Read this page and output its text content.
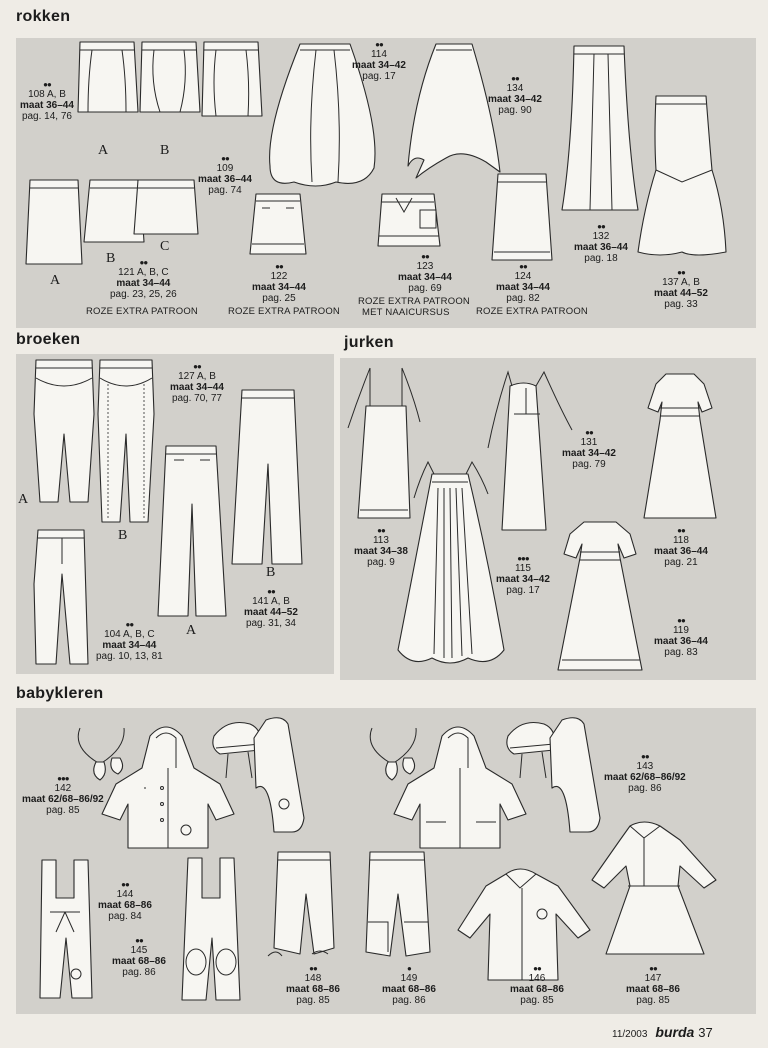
rokken
broeken	jurken
babykleren
●●
108 A, B
maat 36–44
pag. 14, 76
A	B
●●
109
maat 36–44
pag. 74
●●
114
maat 34–42
pag. 17	●●
134
maat 34–42
pag. 90
A
B
C
●●
121 A, B, C
maat 34–44
pag. 23, 25, 26
ROZE EXTRA PATROON
●●
122
maat 34–44
pag. 25
ROZE EXTRA PATROON
●●
123
maat 34–44
pag. 69
ROZE EXTRA PATROON
MET NAAICURSUS
●●
124
maat 34–44
pag. 82
ROZE EXTRA PATROON
●●
132
maat 36–44
pag. 18
●●
137 A, B
maat 44–52
pag. 33
●●
127 A, B
maat 34–44
pag. 70, 77
A
B
B
A
●●
141 A, B
maat 44–52
pag. 31, 34
●●
104 A, B, C
maat 34–44
pag. 10, 13, 81
●●
131
maat 34–42
pag. 79
●●
113
maat 34–38
pag. 9	●●●
115
maat 34–42
pag. 17
●●
118
maat 36–44
pag. 21
●●
119
maat 36–44
pag. 83
●●●
142
maat 62/68–86/92
pag. 85
●●
143
maat 62/68–86/92
pag. 86
●●
144
maat 68–86
pag. 84
●●
145
maat 68–86
pag. 86	●●
148
maat 68–86
pag. 85
●
149
maat 68–86
pag. 86
●●
146
maat 68–86
pag. 85
●●
147
maat 68–86
pag. 85
11/2003 burda 37
